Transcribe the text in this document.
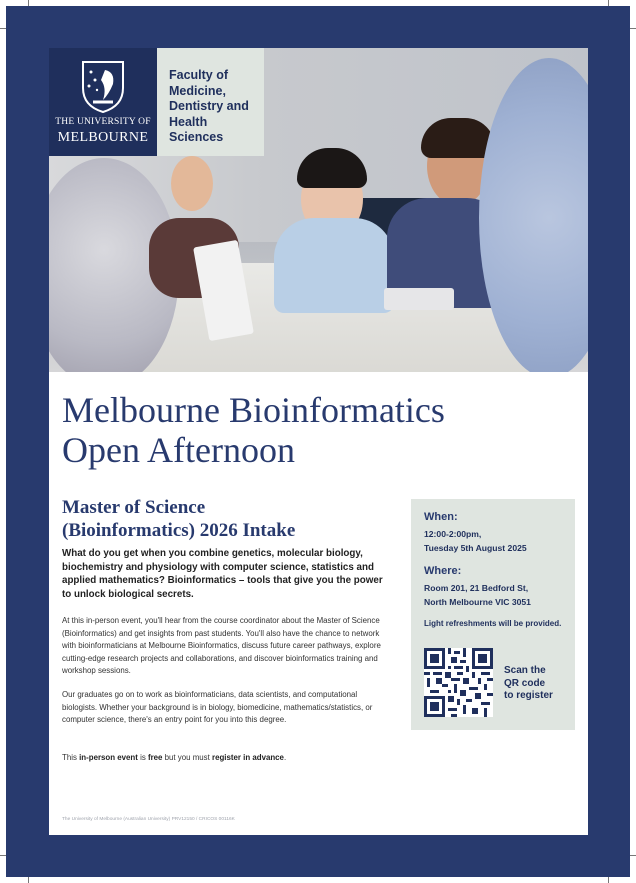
THE UNIVERSITY OF
MELBOURNE
Faculty of Medicine, Dentistry and Health Sciences
Melbourne Bioinformatics
Open Afternoon
Master of Science
(Bioinformatics) 2026 Intake

What do you get when you combine genetics, molecular biology, biochemistry and physiology with computer science, statistics and applied mathematics? Bioinformatics – tools that give you the power to unlock biological secrets.

At this in-person event, you'll hear from the course coordinator about the Master of Science (Bioinformatics) and get insights from past students. You'll also have the chance to network with bioinformaticians at Melbourne Bioinformatics, discuss future career pathways, explore cutting-edge research projects and collaborations, and discover bioinformatics training and workshop sessions.

Our graduates go on to work as bioinformaticians, data scientists, and computational biologists. Whether your background is in biology, biomedicine, mathematics/statistics, or computer science, there's an entry point for you into this degree.

This in-person event is free but you must register in advance.

When:
12:00-2:00pm,
Tuesday 5th August 2025
Where:
Room 201, 21 Bedford St,
North Melbourne VIC 3051
Light refreshments will be provided.
Scan the
QR code
to register
The University of Melbourne (Australian University) PRV12150 / CRICOS 00116K
